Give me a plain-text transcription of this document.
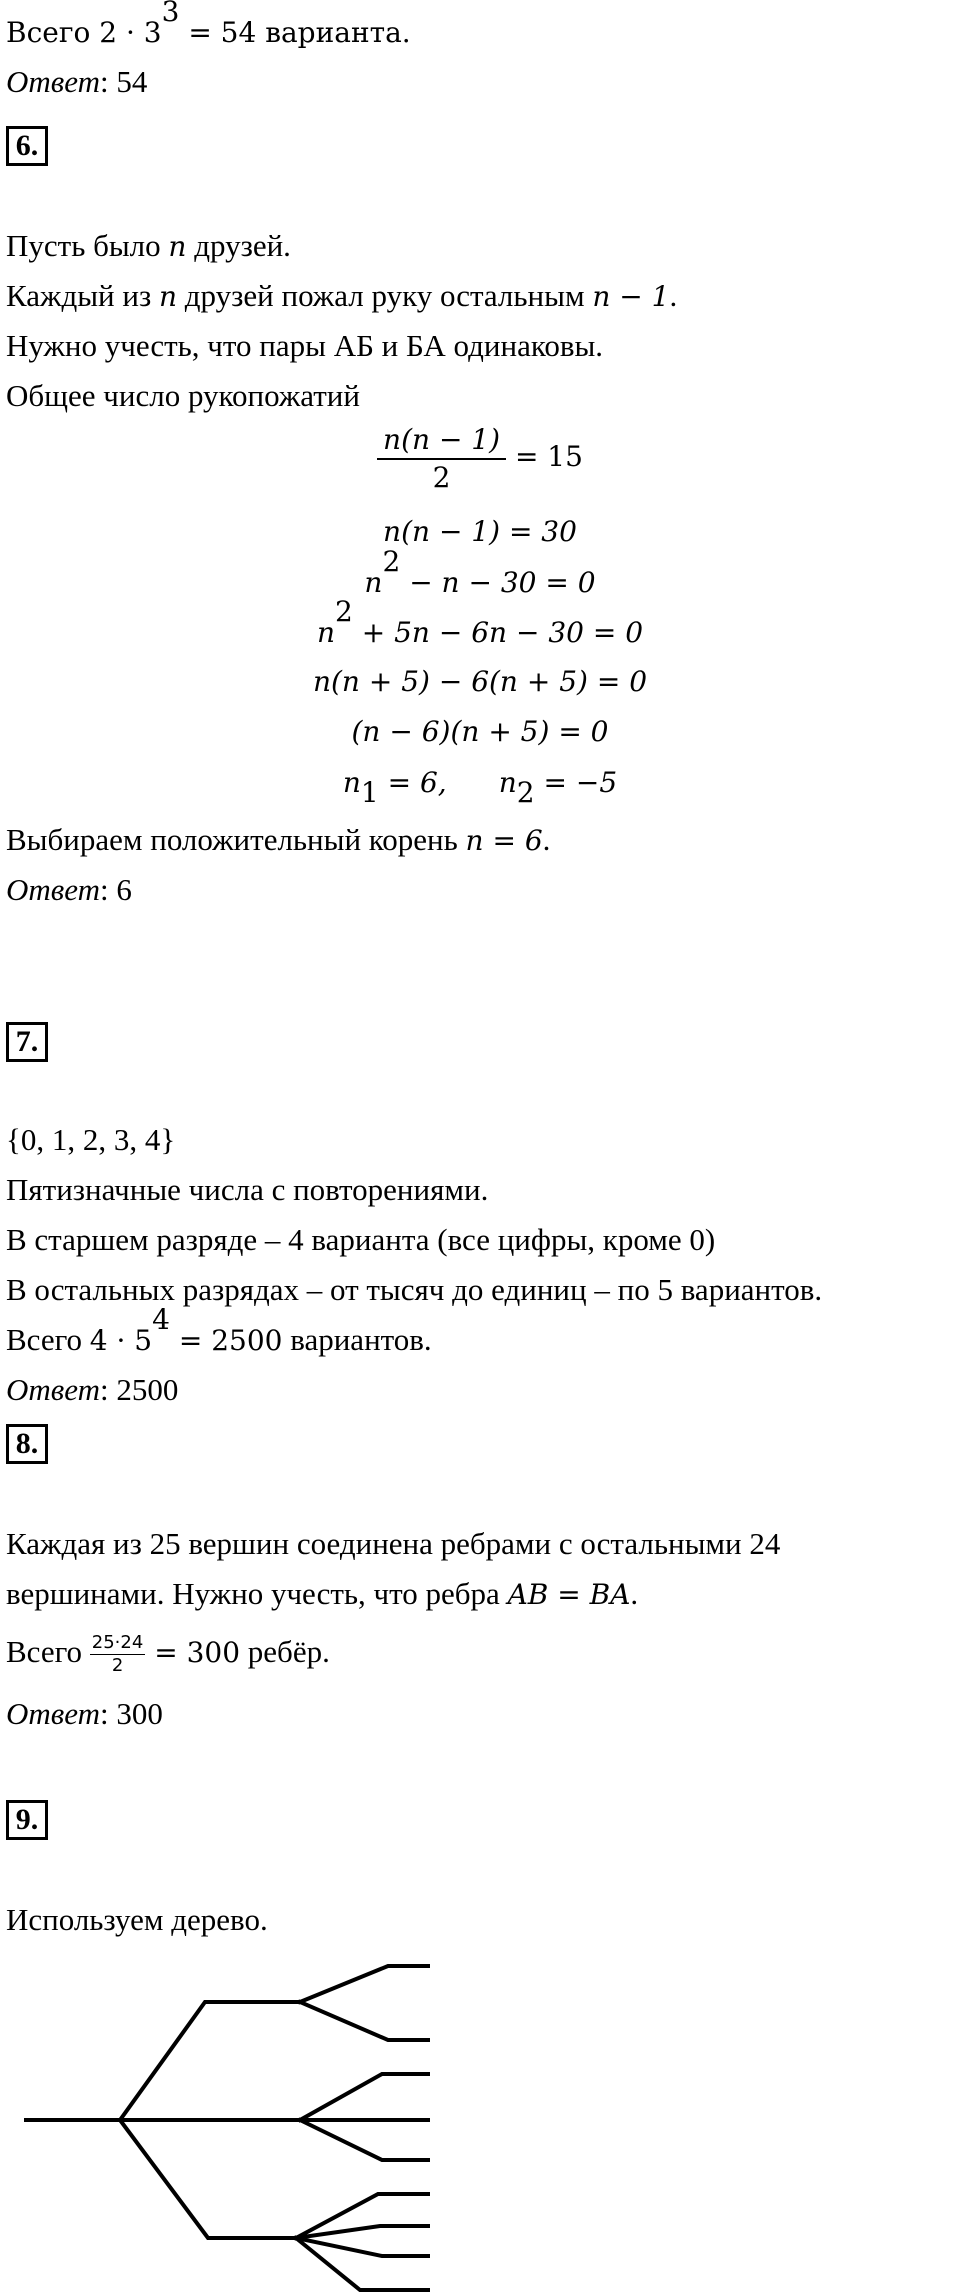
Всего $2 \cdot 3^3 = 54$ варианта.
Ответ: 54
6.
Пусть было n друзей.
Каждый из n друзей пожал руку остальным n − 1.
Нужно учесть, что пары АБ и БА одинаковы.
Общее число рукопожатий
$\frac{n(n - 1)}{2} = 15$
n(n − 1) = 30
$n^2 - n - 30 = 0$
$n^2 + 5n - 6n - 30 = 0$
n(n + 5) − 6(n + 5) = 0
(n − 6)(n + 5) = 0
$n_1 = 6$, $n_2 = -5$
Выбираем положительный корень n = 6.
Ответ: 6
7.
{0, 1, 2, 3, 4}
Пятизначные числа с повторениями.
В старшем разряде – 4 варианта (все цифры, кроме 0)
В остальных разрядах – от тысяч до единиц – по 5 вариантов.
Всего $4 \cdot 5^4 = 2500$ вариантов.
Ответ: 2500
8.
Каждая из 25 вершин соединена ребрами с остальными 24
вершинами. Нужно учесть, что ребра AB = BA.
Всего $\frac{25\cdot 24}{2} = 300$ ребёр.
Ответ: 300
9.
Используем дерево.
